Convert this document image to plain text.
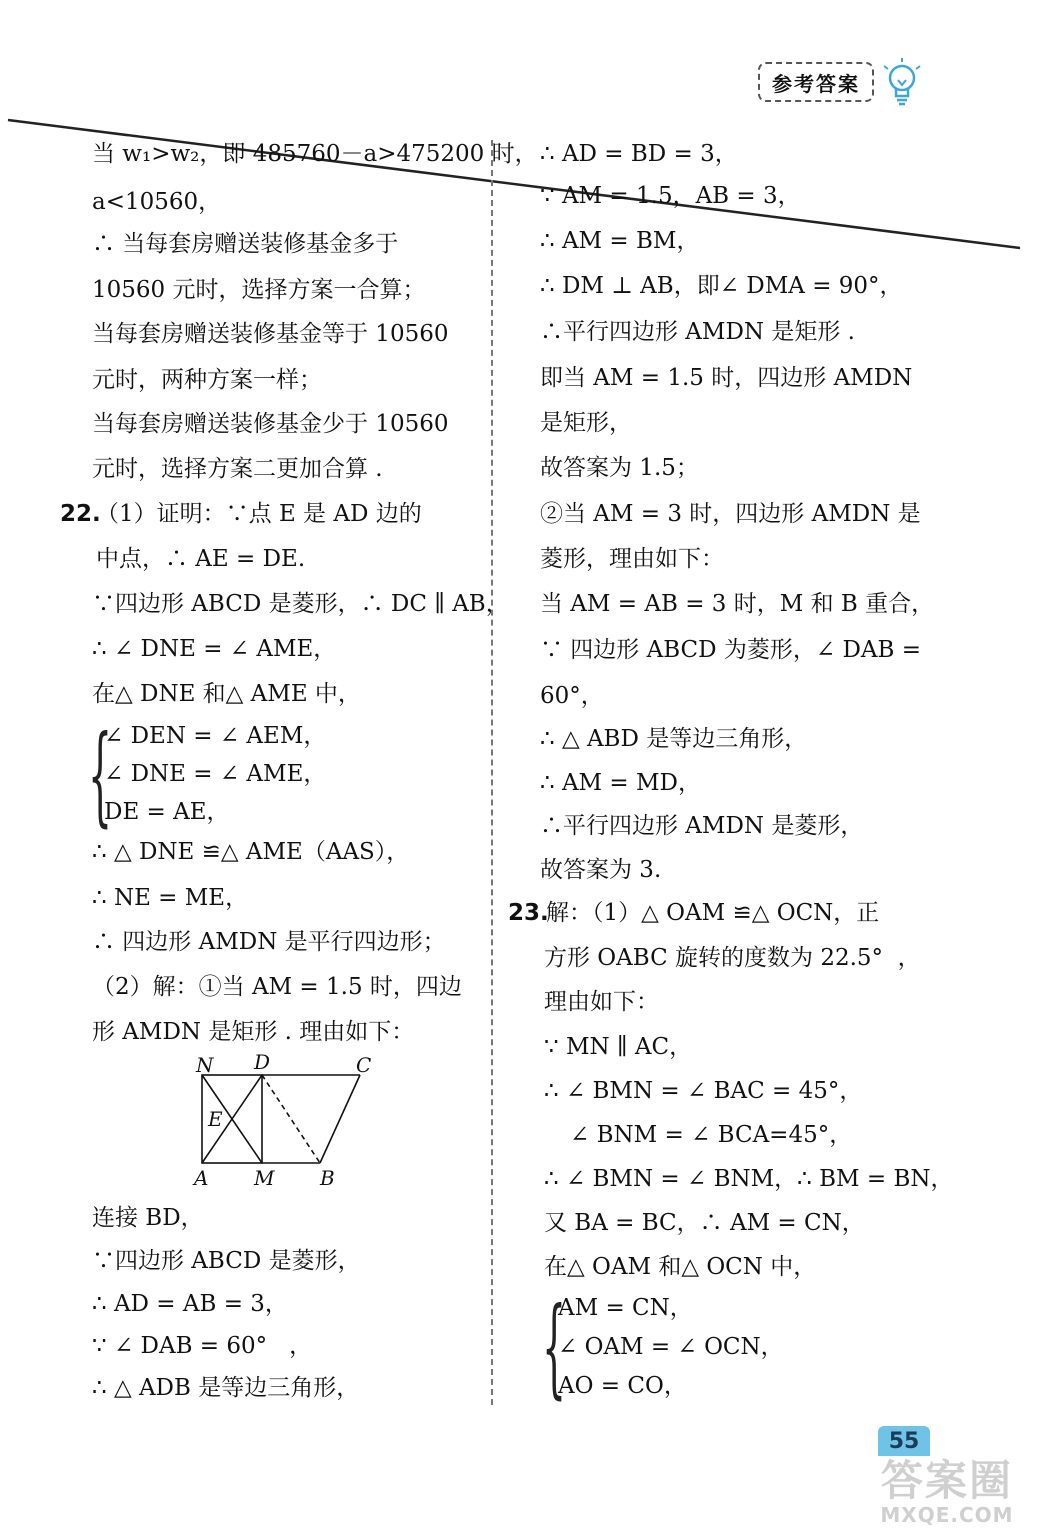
参考答案
当 w₁>w₂，即 485760－a>475200 时，
a<10560，
∴ 当每套房赠送装修基金多于
10560 元时，选择方案一合算；
当每套房赠送装修基金等于 10560
元时，两种方案一样；
当每套房赠送装修基金少于 10560
元时，选择方案二更加合算 .
22.
（1）证明：∵点 E 是 AD 边的
中点，∴ AE = DE.
∵四边形 ABCD 是菱形，∴ DC ∥ AB，
∴ ∠ DNE = ∠ AME，
在△ DNE 和△ AME 中，
{
∠ DEN = ∠ AEM，
∠ DNE = ∠ AME，
DE = AE，
∴ △ DNE ≌△ AME（AAS），
∴ NE = ME，
∴ 四边形 AMDN 是平行四边形；
（2）解：①当 AM = 1.5 时，四边
形 AMDN 是矩形 . 理由如下：
连接 BD，
∵四边形 ABCD 是菱形，
∴ AD = AB = 3，
∵ ∠ DAB = 60°   ，
∴ △ ADB 是等边三角形，
N D	C
E
A M B
∴ AD = BD = 3，
∵ AM = 1.5，AB = 3，
∴ AM = BM，
∴ DM ⊥ AB，即∠ DMA = 90°，
∴平行四边形 AMDN 是矩形 .
即当 AM = 1.5 时，四边形 AMDN
是矩形，
故答案为 1.5；
②当 AM = 3 时，四边形 AMDN 是
菱形，理由如下：
当 AM = AB = 3 时，M 和 B 重合，
∵ 四边形 ABCD 为菱形，∠ DAB =
60°，
∴ △ ABD 是等边三角形，
∴ AM = MD，
∴平行四边形 AMDN 是菱形，
故答案为 3.
23.
解：（1）△ OAM ≌△ OCN，正
方形 OABC 旋转的度数为 22.5°  ，
理由如下：
∵ MN ∥ AC，
∴ ∠ BMN = ∠ BAC = 45°，
∠ BNM = ∠ BCA=45°，
∴ ∠ BMN = ∠ BNM，∴ BM = BN，
又 BA = BC，∴ AM = CN，
在△ OAM 和△ OCN 中，
{
AM = CN，
∠ OAM = ∠ OCN，
AO = CO，
55
答案圈
MXQE.COM
